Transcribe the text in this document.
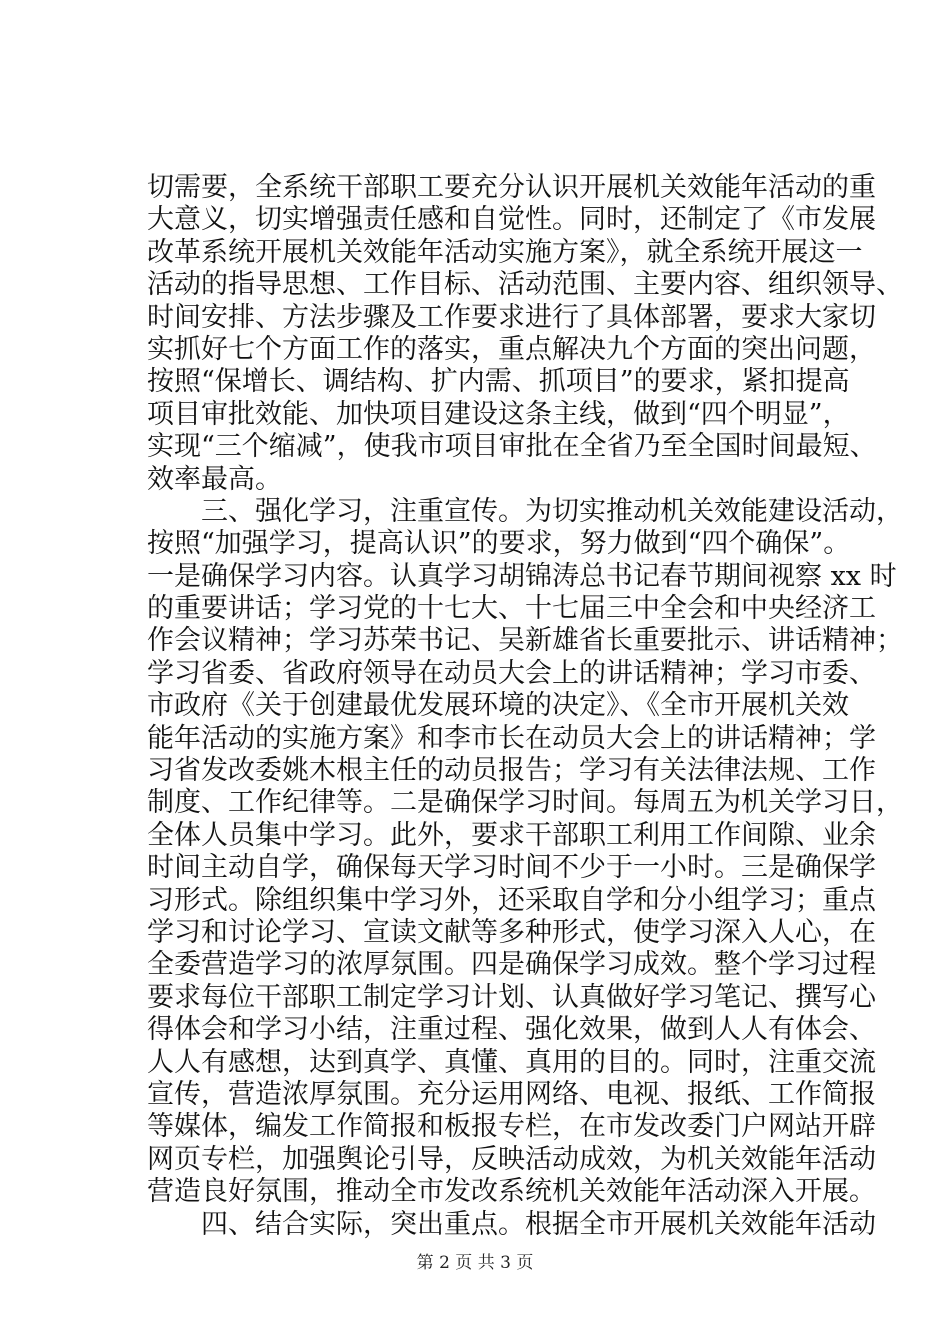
切需要，全系统干部职工要充分认识开展机关效能年活动的重
大意义，切实增强责任感和自觉性。同时，还制定了《市发展
改革系统开展机关效能年活动实施方案》，就全系统开展这一
活动的指导思想、工作目标、活动范围、主要内容、组织领导、
时间安排、方法步骤及工作要求进行了具体部署，要求大家切
实抓好七个方面工作的落实，重点解决九个方面的突出问题，
按照“保增长、调结构、扩内需、抓项目”的要求，紧扣提高
项目审批效能、加快项目建设这条主线，做到“四个明显”，
实现“三个缩减”，使我市项目审批在全省乃至全国时间最短、
效率最高。
三、强化学习，注重宣传。为切实推动机关效能建设活动，
按照“加强学习，提高认识”的要求，努力做到“四个确保”。
一是确保学习内容。认真学习胡锦涛总书记春节期间视察 xx 时
的重要讲话；学习党的十七大、十七届三中全会和中央经济工
作会议精神；学习苏荣书记、吴新雄省长重要批示、讲话精神；
学习省委、省政府领导在动员大会上的讲话精神；学习市委、
市政府《关于创建最优发展环境的决定》、《全市开展机关效
能年活动的实施方案》和李市长在动员大会上的讲话精神；学
习省发改委姚木根主任的动员报告；学习有关法律法规、工作
制度、工作纪律等。二是确保学习时间。每周五为机关学习日，
全体人员集中学习。此外，要求干部职工利用工作间隙、业余
时间主动自学，确保每天学习时间不少于一小时。三是确保学
习形式。除组织集中学习外，还采取自学和分小组学习；重点
学习和讨论学习、宣读文献等多种形式，使学习深入人心，在
全委营造学习的浓厚氛围。四是确保学习成效。整个学习过程
要求每位干部职工制定学习计划、认真做好学习笔记、撰写心
得体会和学习小结，注重过程、强化效果，做到人人有体会、
人人有感想，达到真学、真懂、真用的目的。同时，注重交流
宣传，营造浓厚氛围。充分运用网络、电视、报纸、工作简报
等媒体，编发工作简报和板报专栏，在市发改委门户网站开辟
网页专栏，加强舆论引导，反映活动成效，为机关效能年活动
营造良好氛围，推动全市发改系统机关效能年活动深入开展。
四、结合实际，突出重点。根据全市开展机关效能年活动
第 2 页 共 3 页
